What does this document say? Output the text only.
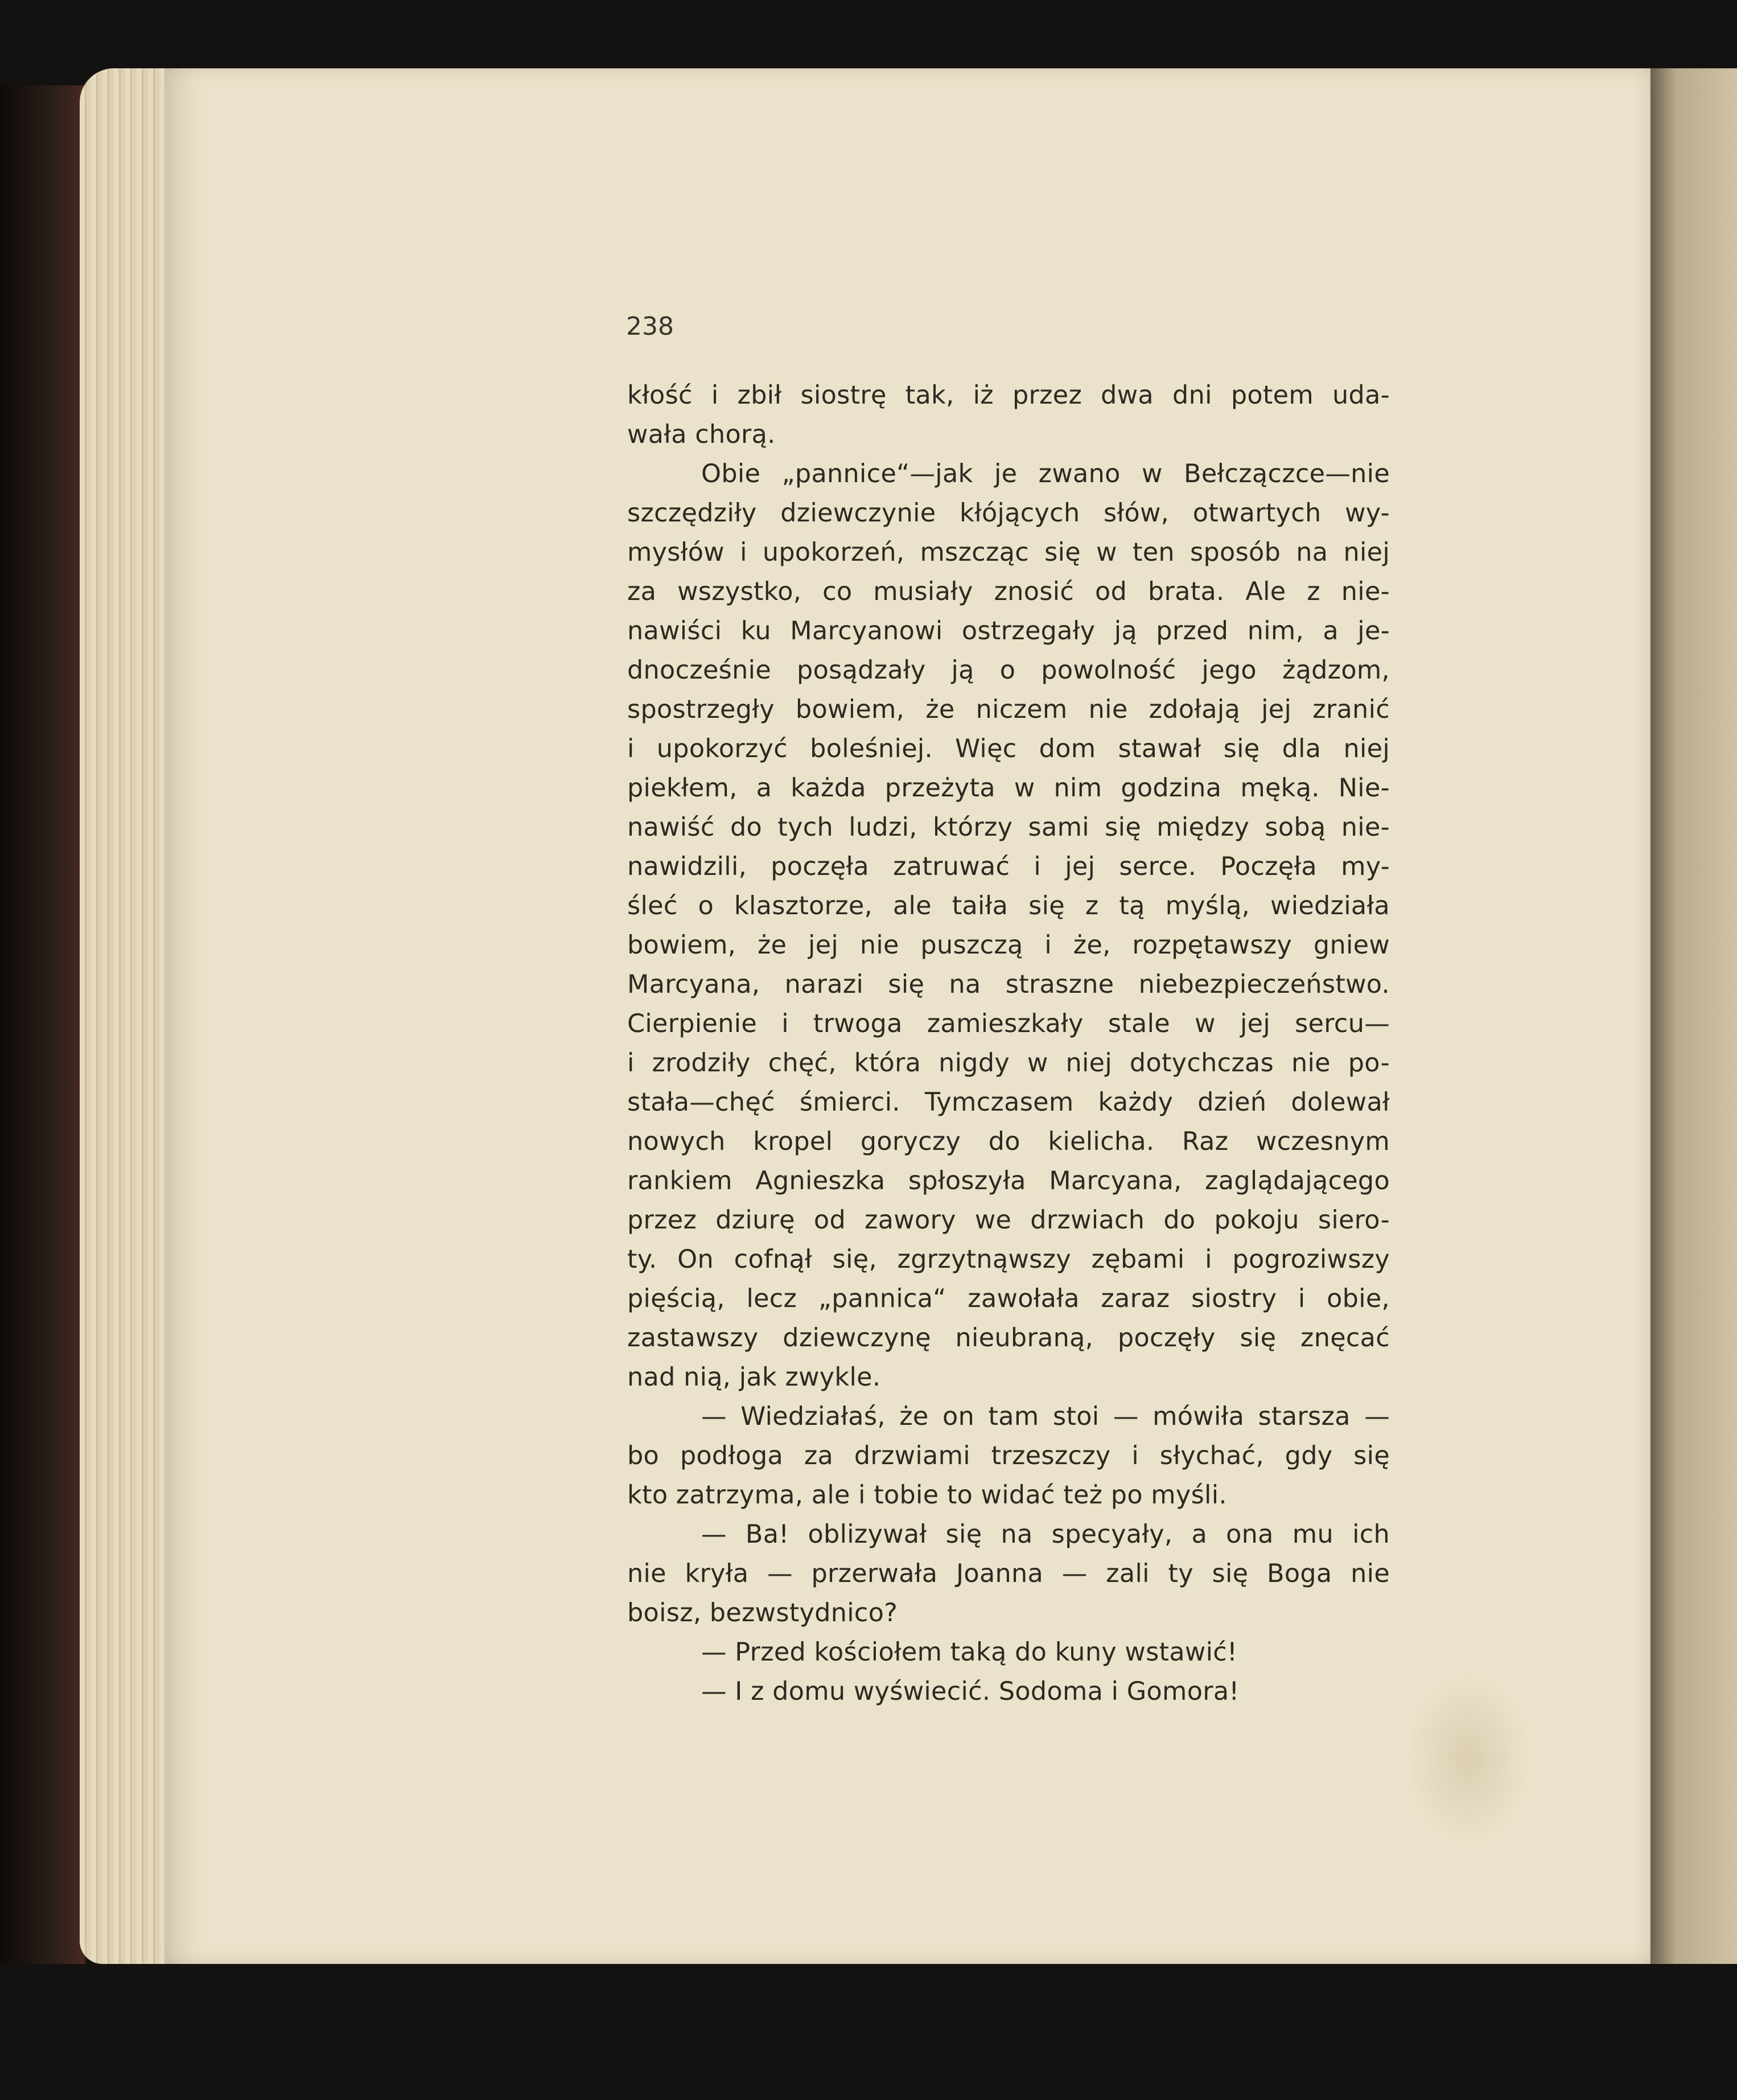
238
kłość i zbił siostrę tak, iż przez dwa dni potem uda-
wała chorą.
Obie „pannice“—jak je zwano w Bełczączce—nie
szczędziły dziewczynie kłójących słów, otwartych wy-
mysłów i upokorzeń, mszcząc się w ten sposób na niej
za wszystko, co musiały znosić od brata. Ale z nie-
nawiści ku Marcyanowi ostrzegały ją przed nim, a je-
dnocześnie posądzały ją o powolność jego żądzom,
spostrzegły bowiem, że niczem nie zdołają jej zranić
i upokorzyć boleśniej. Więc dom stawał się dla niej
piekłem, a każda przeżyta w nim godzina męką. Nie-
nawiść do tych ludzi, którzy sami się między sobą nie-
nawidzili, poczęła zatruwać i jej serce. Poczęła my-
śleć o klasztorze, ale taiła się z tą myślą, wiedziała
bowiem, że jej nie puszczą i że, rozpętawszy gniew
Marcyana, narazi się na straszne niebezpieczeństwo.
Cierpienie i trwoga zamieszkały stale w jej sercu—
i zrodziły chęć, która nigdy w niej dotychczas nie po-
stała—chęć śmierci. Tymczasem każdy dzień dolewał
nowych kropel goryczy do kielicha. Raz wczesnym
rankiem Agnieszka spłoszyła Marcyana, zaglądającego
przez dziurę od zawory we drzwiach do pokoju siero-
ty. On cofnął się, zgrzytnąwszy zębami i pogroziwszy
pięścią, lecz „pannica“ zawołała zaraz siostry i obie,
zastawszy dziewczynę nieubraną, poczęły się znęcać
nad nią, jak zwykle.
— Wiedziałaś, że on tam stoi — mówiła starsza —
bo podłoga za drzwiami trzeszczy i słychać, gdy się
kto zatrzyma, ale i tobie to widać też po myśli.
— Ba! oblizywał się na specyały, a ona mu ich
nie kryła — przerwała Joanna — zali ty się Boga nie
boisz, bezwstydnico?
— Przed kościołem taką do kuny wstawić!
— I z domu wyświecić. Sodoma i Gomora!
